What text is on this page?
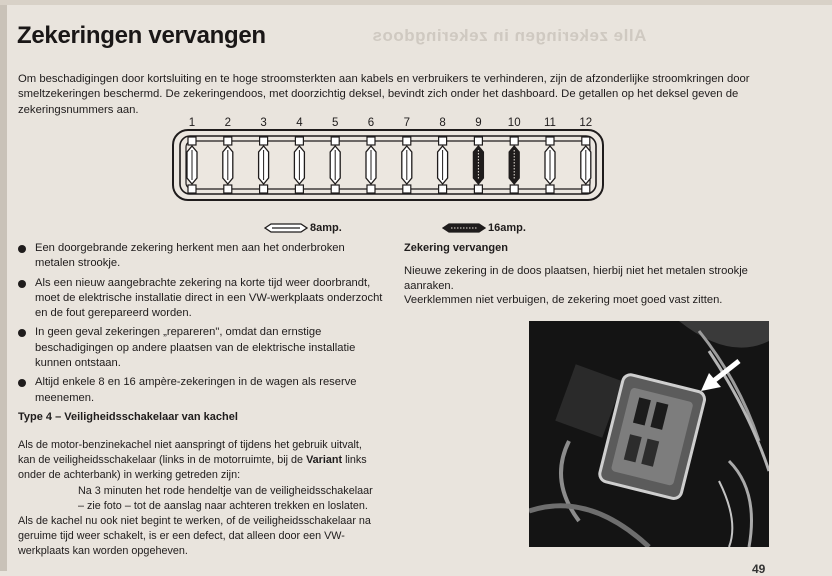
Alle zekeringen in zekeringdoos
Zekeringen vervangen

Om beschadigingen door kortsluiting en te hoge stroomsterkten aan kabels en verbruikers te verhinderen, zijn de afzonderlijke stroomkringen door smeltzekeringen beschermd. De zekeringendoos, met doorzichtig deksel, bevindt zich onder het dashboard. De getallen op het deksel geven de zekeringsnummers aan.

1	2	3	4	5	6	7	8	9 10 11 12
8amp.	16amp.
Een doorgebrande zekering herkent men aan het onderbroken metalen strookje.
Als een nieuw aangebrachte zekering na korte tijd weer doorbrandt, moet de elektrische installatie direct in een VW-werkplaats onderzocht en de fout gerepareerd worden.
In geen geval zekeringen „repareren", omdat dan ernstige beschadigingen op andere plaatsen van de elektrische installatie kunnen ontstaan.
Altijd enkele 8 en 16 ampère-zekeringen in de wagen als reserve meenemen.
Zekering vervangen

Nieuwe zekering in de doos plaatsen, hierbij niet het metalen strookje aanraken.

Veerklemmen niet verbuigen, de zekering moet goed vast zitten.

Type 4 – Veiligheidsschakelaar van kachel

Als de motor-benzinekachel niet aanspringt of tijdens het gebruik uitvalt, kan de veiligheidsschakelaar (links in de motorruimte, bij de Variant links onder de achterbank) in werking getreden zijn:
Na 3 minuten het rode hendeltje van de veiligheidsschakelaar – zie foto – tot de aanslag naar achteren trekken en loslaten.
Als de kachel nu ook niet begint te werken, of de veiligheidsschakelaar na geruime tijd weer schakelt, is er een defect, dat alleen door een VW-werkplaats kan worden opgeheven.

49
